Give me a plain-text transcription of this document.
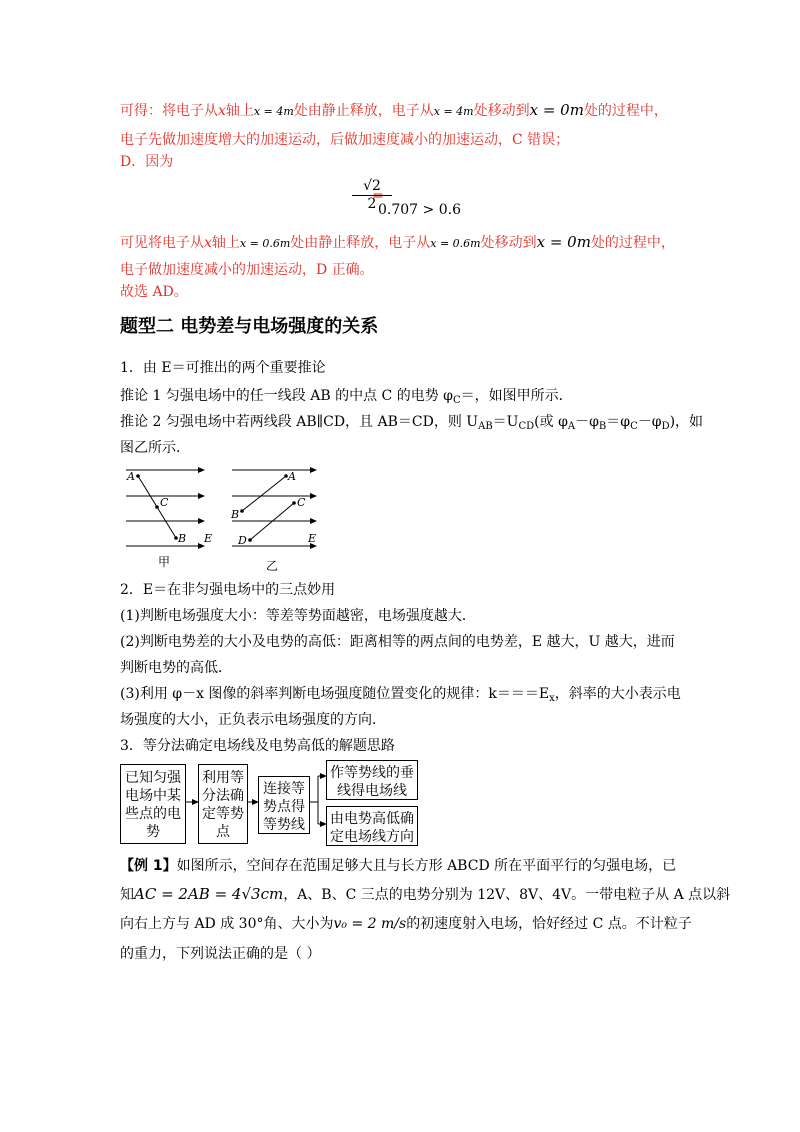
可得：将电子从x轴上x = 4m处由静止释放，电子从x = 4m处移动到x = 0m处的过程中，
电子先做加速度增大的加速运动，后做加速度减小的加速运动，C 错误；
D．因为
$\frac{√2}{2}$
=
0.707 > 0.6
可见将电子从x轴上x = 0.6m处由静止释放，电子从x = 0.6m处移动到x = 0m处的过程中，
电子做加速度减小的加速运动，D 正确。
故选 AD。
题型二 电势差与电场强度的关系
1．由 E＝可推出的两个重要推论
推论 1 匀强电场中的任一线段 AB 的中点 C 的电势 $\varphi_C=$，如图甲所示．
推论 2 匀强电场中若两线段 AB∥CD，且 AB＝CD，则 $U_{AB}=U_{CD}$(或 $\varphi_A-\varphi_B=\varphi_C-\varphi_D$)，如
图乙所示．
A
C
B E
甲
A
B
C
D	E
乙
2．E＝在非匀强电场中的三点妙用
(1)判断电场强度大小：等差等势面越密，电场强度越大．
(2)判断电势差的大小及电势的高低：距离相等的两点间的电势差，E 越大，U 越大，进而
判断电势的高低．
(3)利用 φ－x 图像的斜率判断电场强度随位置变化的规律：$k===E_x$，斜率的大小表示电
场强度的大小，正负表示电场强度的方向．
3．等分法确定电场线及电势高低的解题思路
已知匀强
电场中某
些点的电
势
利用等
分法确
定等势
点
连接等
势点得
等势线
作等势线的垂
线得电场线
由电势高低确
定电场线方向
【例 1】如图所示，空间存在范围足够大且与长方形 ABCD 所在平面平行的匀强电场，已
知AC = 2AB = 4√3cm，A、B、C 三点的电势分别为 12V、8V、4V。一带电粒子从 A 点以斜
向右上方与 AD 成 30°角、大小为v₀ = 2 m/s的初速度射入电场，恰好经过 C 点。不计粒子
的重力，下列说法正确的是（ ）
